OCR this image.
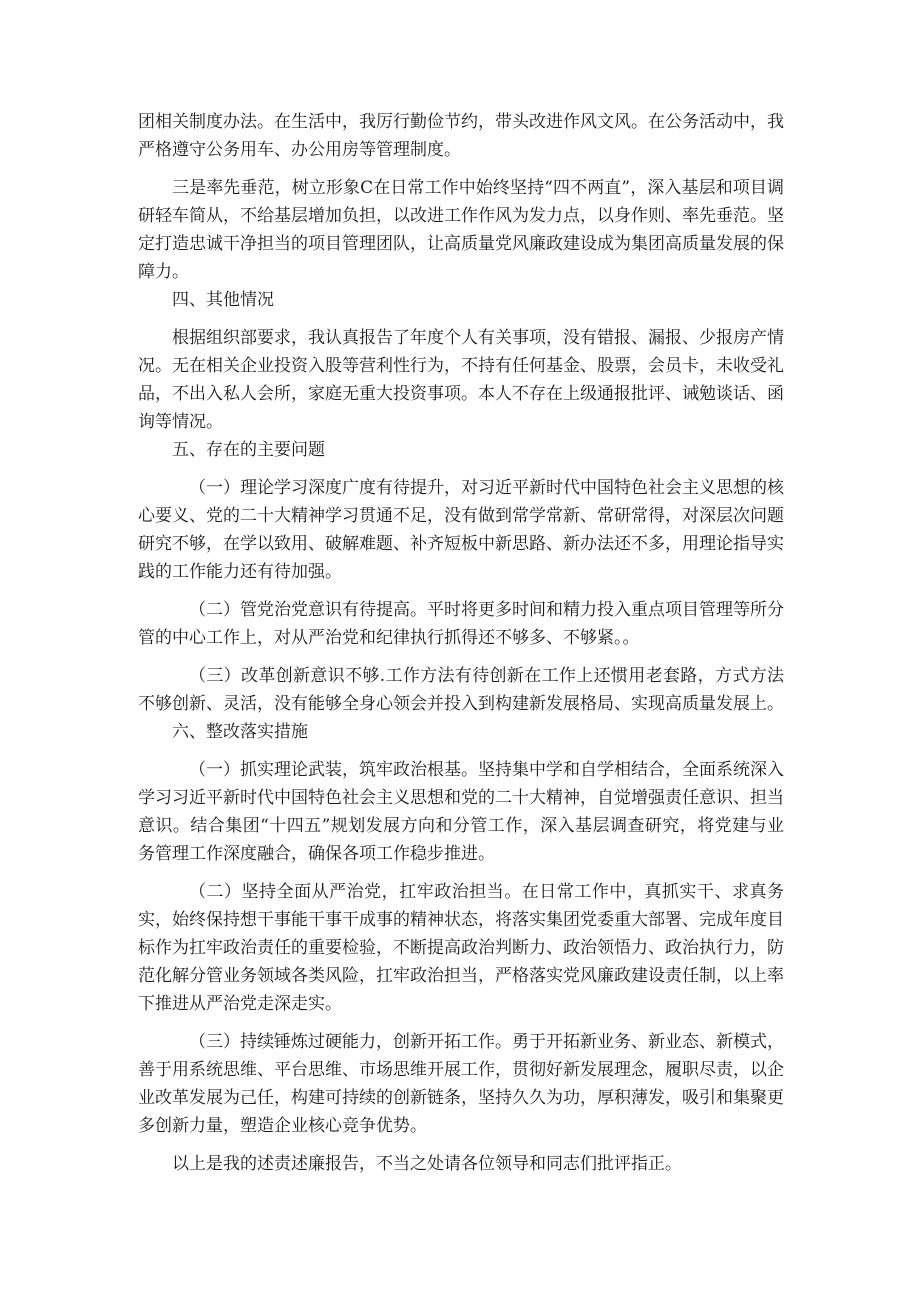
团相关制度办法。在生活中，我厉行勤俭节约，带头改进作风文风。在公务活动中，我严格遵守公务用车、办公用房等管理制度。

三是率先垂范，树立形象C在日常工作中始终坚持“四不两直”，深入基层和项目调研轻车简从，不给基层增加负担，以改进工作作风为发力点，以身作则、率先垂范。坚定打造忠诚干净担当的项目管理团队，让高质量党风廉政建设成为集团高质量发展的保障力。

四、其他情况

根据组织部要求，我认真报告了年度个人有关事项，没有错报、漏报、少报房产情况。无在相关企业投资入股等营利性行为，不持有任何基金、股票，会员卡，未收受礼品，不出入私人会所，家庭无重大投资事项。本人不存在上级通报批评、诫勉谈话、函询等情况。

五、存在的主要问题

（一）理论学习深度广度有待提升，对习近平新时代中国特色社会主义思想的核心要义、党的二十大精神学习贯通不足，没有做到常学常新、常研常得，对深层次问题研究不够，在学以致用、破解难题、补齐短板中新思路、新办法还不多，用理论指导实践的工作能力还有待加强。

（二）管党治党意识有待提高。平时将更多时间和精力投入重点项目管理等所分管的中心工作上，对从严治党和纪律执行抓得还不够多、不够紧。。

（三）改革创新意识不够.工作方法有待创新在工作上还惯用老套路，方式方法不够创新、灵活，没有能够全身心领会并投入到构建新发展格局、实现高质量发展上。

六、整改落实措施

（一）抓实理论武装，筑牢政治根基。坚持集中学和自学相结合，全面系统深入学习习近平新时代中国特色社会主义思想和党的二十大精神，自觉增强责任意识、担当意识。结合集团“十四五”规划发展方向和分管工作，深入基层调查研究，将党建与业务管理工作深度融合，确保各项工作稳步推进。

（二）坚持全面从严治党，扛牢政治担当。在日常工作中，真抓实干、求真务实，始终保持想干事能干事干成事的精神状态，将落实集团党委重大部署、完成年度目标作为扛牢政治责任的重要检验，不断提高政治判断力、政治领悟力、政治执行力，防范化解分管业务领域各类风险，扛牢政治担当，严格落实党风廉政建设责任制，以上率下推进从严治党走深走实。

（三）持续锤炼过硬能力，创新开拓工作。勇于开拓新业务、新业态、新模式，善于用系统思维、平台思维、市场思维开展工作，贯彻好新发展理念，履职尽责，以企业改革发展为己任，构建可持续的创新链条，坚持久久为功，厚积薄发，吸引和集聚更多创新力量，塑造企业核心竞争优势。

以上是我的述责述廉报告，不当之处请各位领导和同志们批评指正。
